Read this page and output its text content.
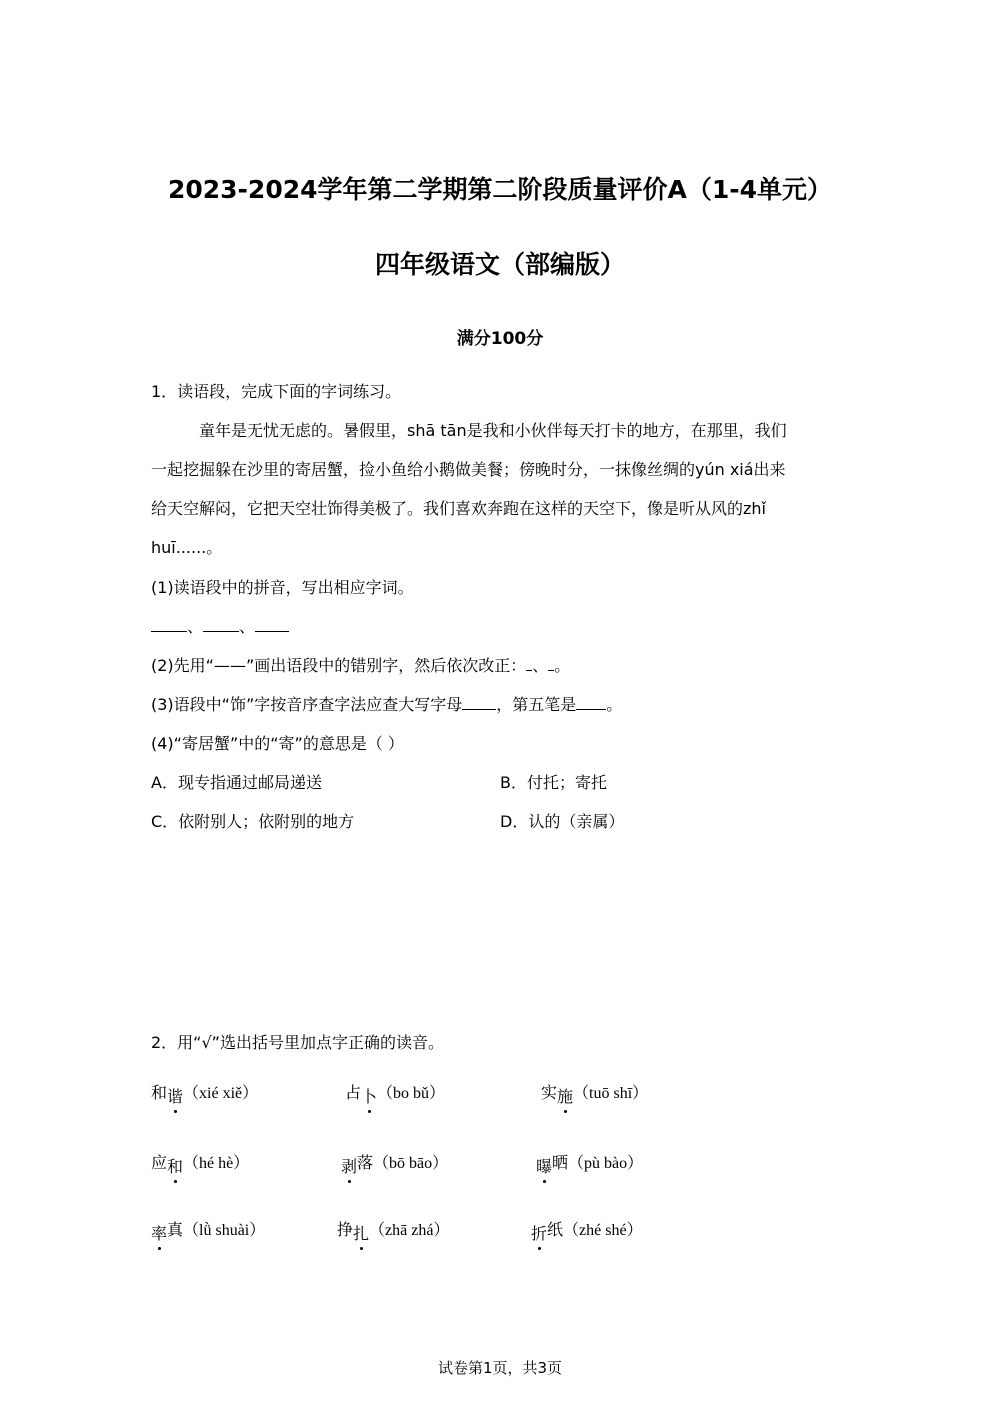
2023-2024学年第二学期第二阶段质量评价A（1-4单元）
四年级语文（部编版）
满分100分
1．读语段，完成下面的字词练习。
童年是无忧无虑的。暑假里，shā tān是我和小伙伴每天打卡的地方，在那里，我们
一起挖掘躲在沙里的寄居蟹，捡小鱼给小鹅做美餐；傍晚时分，一抹像丝绸的yún xiá出来
给天空解闷，它把天空壮饰得美极了。我们喜欢奔跑在这样的天空下，像是听从风的zhǐ
huī......。
(1)读语段中的拼音，写出相应字词。
、 、
(2)先用“——”画出语段中的错别字，然后依次改正： 、 。
(3)语段中“饰”字按音序查字法应查大写字母 ，第五笔是 。
(4)“寄居蟹”中的“寄”的意思是（ ）
A．现专指通过邮局递送	B．付托；寄托
C．依附别人；依附别的地方	D．认的（亲属）
2．用“√”选出括号里加点字正确的读音。
和谐（xié xiě）	占卜（bo bǔ）	实施（tuō shī）
应和（hé hè）	剥落（bō bāo）	曝晒（pù bào）
率真（lǜ shuài）	挣扎（zhā zhá）	折纸（zhé shé）
试卷第1页，共3页
